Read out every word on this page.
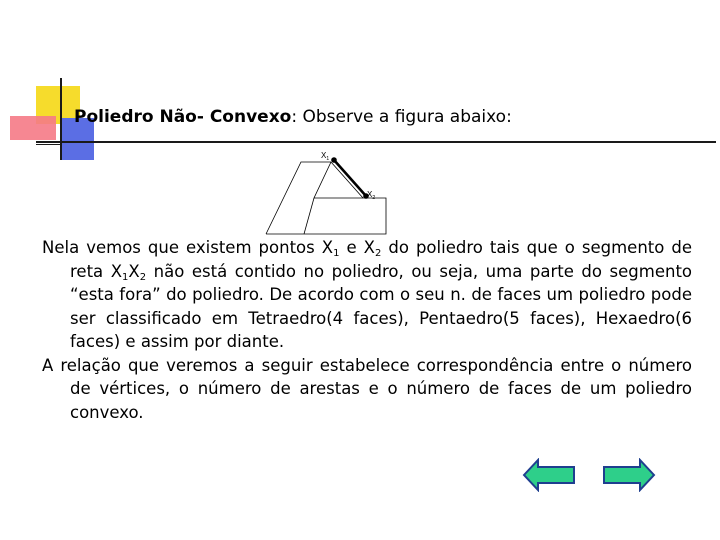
Poliedro Não- Convexo: Observe a figura abaixo:
$X_1$
$X_2$

Nela vemos que existem pontos $X_1$ e $X_2$ do poliedro tais que o segmento de reta $X_1X_2$ não está contido no poliedro, ou seja, uma parte do segmento “esta fora” do poliedro. De acordo com o seu n. de faces um poliedro pode ser classificado em Tetraedro(4 faces), Pentaedro(5 faces), Hexaedro(6 faces) e assim por diante.

A relação que veremos a seguir estabelece correspondência entre o número de vértices, o número de arestas e o número de faces de um poliedro convexo.
